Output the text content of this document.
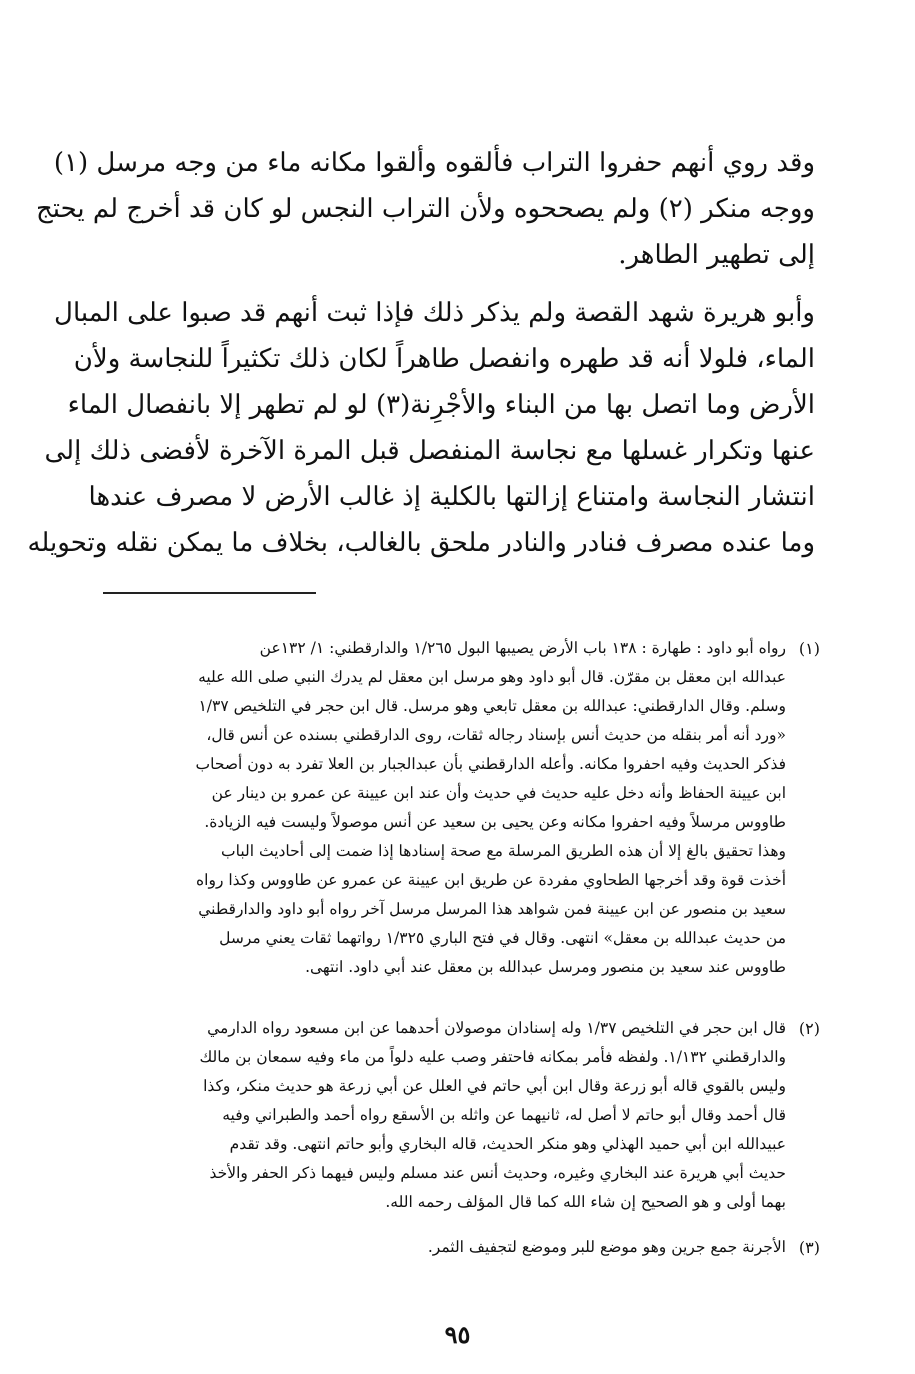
وقد روي أنهم حفروا التراب فألقوه وألقوا مكانه ماء من وجه مرسل (١)
ووجه منكر (٢) ولم يصححوه ولأن التراب النجس لو كان قد أخرج لم يحتج
إلى تطهير الطاهر.
وأبو هريرة شهد القصة ولم يذكر ذلك فإذا ثبت أنهم قد صبوا على المبال
الماء، فلولا أنه قد طهره وانفصل طاهراً لكان ذلك تكثيراً للنجاسة ولأن
الأرض وما اتصل بها من البناء والأجْرِنة(٣) لو لم تطهر إلا بانفصال الماء
عنها وتكرار غسلها مع نجاسة المنفصل قبل المرة الآخرة لأفضى ذلك إلى
انتشار النجاسة وامتناع إزالتها بالكلية إذ غالب الأرض لا مصرف عندها
وما عنده مصرف فنادر والنادر ملحق بالغالب، بخلاف ما يمكن نقله وتحويله
(١)
رواه أبو داود : طهارة : ١٣٨ باب الأرض يصيبها البول ١/٢٦٥ والدارقطني: ١/ ١٣٢عن
عبدالله ابن معقل بن مقرّن. قال أبو داود وهو مرسل ابن معقل لم يدرك النبي صلى الله عليه
وسلم. وقال الدارقطني: عبدالله بن معقل تابعي وهو مرسل. قال ابن حجر في التلخيص ١/٣٧
«ورد أنه أمر بنقله من حديث أنس بإسناد رجاله ثقات، روى الدارقطني بسنده عن أنس قال،
فذكر الحديث وفيه احفروا مكانه. وأعله الدارقطني بأن عبدالجبار بن العلا تفرد به دون أصحاب
ابن عيينة الحفاظ وأنه دخل عليه حديث في حديث وأن عند ابن عيينة عن عمرو بن دينار عن
طاووس مرسلاً وفيه احفروا مكانه وعن يحيى بن سعيد عن أنس موصولاً وليست فيه الزيادة.
وهذا تحقيق بالغ إلا أن هذه الطريق المرسلة مع صحة إسنادها إذا ضمت إلى أحاديث الباب
أخذت قوة وقد أخرجها الطحاوي مفردة عن طريق ابن عيينة عن عمرو عن طاووس وكذا رواه
سعيد بن منصور عن ابن عيينة فمن شواهد هذا المرسل مرسل آخر رواه أبو داود والدارقطني
من حديث عبدالله بن معقل» انتهى. وقال في فتح الباري ١/٣٢٥ رواتهما ثقات يعني مرسل
طاووس عند سعيد بن منصور ومرسل عبدالله بن معقل عند أبي داود. انتهى.
(٢)
قال ابن حجر في التلخيص ١/٣٧ وله إسنادان موصولان أحدهما عن ابن مسعود رواه الدارمي
والدارقطني ١/١٣٢. ولفظه فأمر بمكانه فاحتفر وصب عليه دلواً من ماء وفيه سمعان بن مالك
وليس بالقوي قاله أبو زرعة وقال ابن أبي حاتم في العلل عن أبي زرعة هو حديث منكر، وكذا
قال أحمد وقال أبو حاتم لا أصل له، ثانيهما عن واثله بن الأسقع رواه أحمد والطبراني وفيه
عبيدالله ابن أبي حميد الهذلي وهو منكر الحديث، قاله البخاري وأبو حاتم انتهى. وقد تقدم
حديث أبي هريرة عند البخاري وغيره، وحديث أنس عند مسلم وليس فيهما ذكر الحفر والأخذ
بهما أولى و هو الصحيح إن شاء الله كما قال المؤلف رحمه الله.
(٣)
الأجرنة جمع جرين وهو موضع للبر وموضع لتجفيف الثمر.
٩٥
